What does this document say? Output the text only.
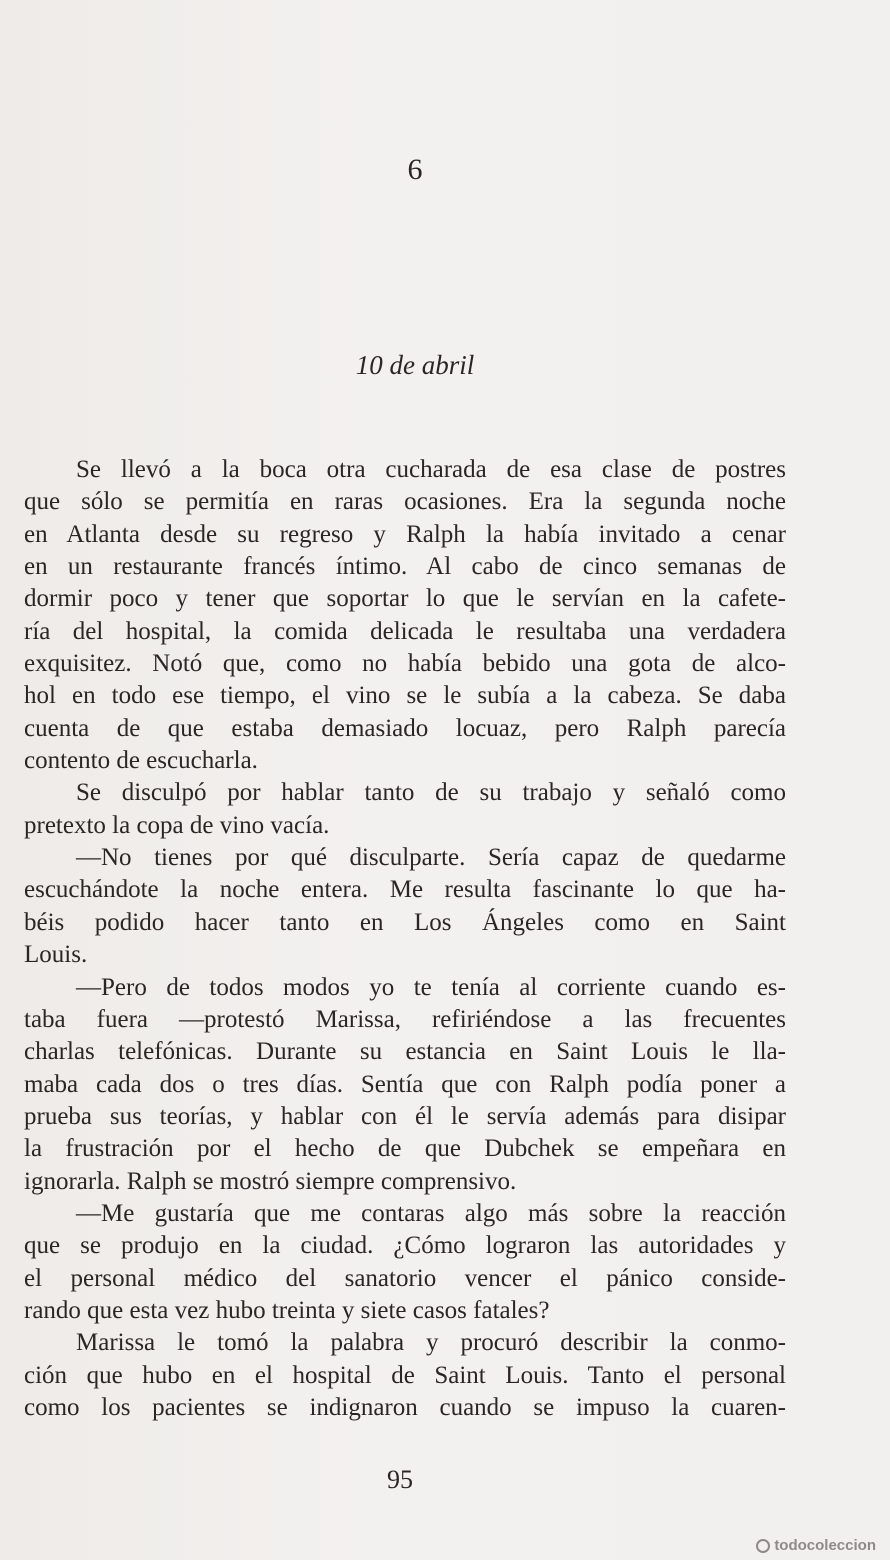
6
10 de abril
Se llevó a la boca otra cucharada de esa clase de postres
que sólo se permitía en raras ocasiones. Era la segunda noche
en Atlanta desde su regreso y Ralph la había invitado a cenar
en un restaurante francés íntimo. Al cabo de cinco semanas de
dormir poco y tener que soportar lo que le servían en la cafete-
ría del hospital, la comida delicada le resultaba una verdadera
exquisitez. Notó que, como no había bebido una gota de alco-
hol en todo ese tiempo, el vino se le subía a la cabeza. Se daba
cuenta de que estaba demasiado locuaz, pero Ralph parecía
contento de escucharla.
Se disculpó por hablar tanto de su trabajo y señaló como
pretexto la copa de vino vacía.
—No tienes por qué disculparte. Sería capaz de quedarme
escuchándote la noche entera. Me resulta fascinante lo que ha-
béis podido hacer tanto en Los Ángeles como en Saint
Louis.
—Pero de todos modos yo te tenía al corriente cuando es-
taba fuera —protestó Marissa, refiriéndose a las frecuentes
charlas telefónicas. Durante su estancia en Saint Louis le lla-
maba cada dos o tres días. Sentía que con Ralph podía poner a
prueba sus teorías, y hablar con él le servía además para disipar
la frustración por el hecho de que Dubchek se empeñara en
ignorarla. Ralph se mostró siempre comprensivo.
—Me gustaría que me contaras algo más sobre la reacción
que se produjo en la ciudad. ¿Cómo lograron las autoridades y
el personal médico del sanatorio vencer el pánico conside-
rando que esta vez hubo treinta y siete casos fatales?
Marissa le tomó la palabra y procuró describir la conmo-
ción que hubo en el hospital de Saint Louis. Tanto el personal
como los pacientes se indignaron cuando se impuso la cuaren-
95
todocoleccion
